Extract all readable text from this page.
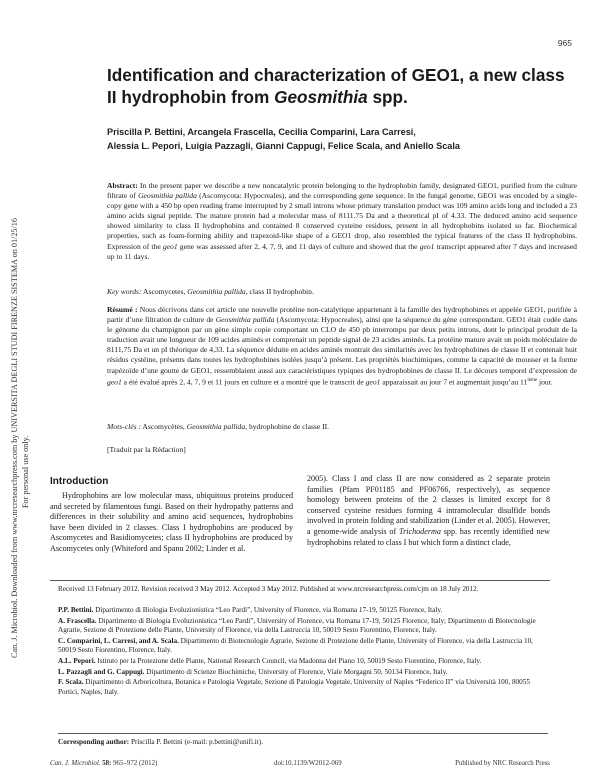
965
Can. J. Microbiol. Downloaded from www.nrcresearchpress.com by UNIVERSITA DEGLI STUDI FIRENZE SISTEMA on 01/25/16 For personal use only.
Identification and characterization of GEO1, a new class II hydrophobin from Geosmithia spp.
Priscilla P. Bettini, Arcangela Frascella, Cecilia Comparini, Lara Carresi,
Alessia L. Pepori, Luigia Pazzagli, Gianni Cappugi, Felice Scala, and Aniello Scala

Abstract: In the present paper we describe a new noncatalytic protein belonging to the hydrophobin family, designated GEO1, purified from the culture filtrate of Geosmithia pallida (Ascomycota: Hypocreales), and the corresponding gene sequence. In the fungal genome, GEO1 was encoded by a single-copy gene with a 450 bp open reading frame interrupted by 2 small introns whose primary translation product was 109 amino acids long and included a 23 amino acids signal peptide. The mature protein had a molecular mass of 8111.75 Da and a theoretical pI of 4.33. The deduced amino acid sequence showed similarity to class II hydrophobins and contained 8 conserved cysteine residues, present in all hydrophobins isolated so far. Biochemical properties, such as foam-forming ability and trapezoid-like shape of a GEO1 drop, also resembled the typical features of the class II hydrophobins. Expression of the geo1 gene was assessed after 2, 4, 7, 9, and 11 days of culture and showed that the geo1 transcript appeared after 7 days and increased up to 11 days.

Key words: Ascomycetes, Geosmithia pallida, class II hydrophobin.

Résumé : Nous décrivons dans cet article une nouvelle protéine non-catalytique appartenant à la famille des hydrophobines et appelée GEO1, purifiée à partir d’une filtration de culture de Geosmithia pallida (Ascomycota: Hypocreales), ainsi que la séquence du gène correspondant. GEO1 était codée dans le génome du champignon par un gène simple copie comportant un CLO de 450 pb interrompu par deux petits introns, dont le principal produit de la traduction avait une longueur de 109 acides aminés et comprenait un peptide signal de 23 acides aminés. La protéine mature avait un poids moléculaire de 8111,75 Da et un pI théorique de 4,33. La séquence déduite en acides aminés montrait des similarités avec les hydrophobines de classe II et contenait huit résidus cystéine, présents dans toutes les hydrophobines isolées jusqu’à présent. Les propriétés biochimiques, comme la capacité de mousser et la forme trapézoïde d’une goutte de GEO1, ressemblaient aussi aux caractéristiques typiques des hydrophobines de classe II. Le décours temporel d’expression de geo1 a été évalué après 2, 4, 7, 9 et 11 jours en culture et a montré que le transcrit de geo1 apparaissait au jour 7 et augmentait jusqu’au 11ième jour.

Mots-clés : Ascomycètes, Geosmithia pallida, hydrophobine de classe II.

[Traduit par la Rédaction]

Introduction

Hydrophobins are low molecular mass, ubiquitous proteins produced and secreted by filamentous fungi. Based on their hydropathy patterns and differences in their solubility and amino acid sequences, hydrophobins have been divided in 2 classes. Class I hydrophobins are produced by Ascomycetes and Basidiomycetes; class II hydrophobins are produced by Ascomycetes only (Whiteford and Spanu 2002; Linder et al.

2005). Class I and class II are now considered as 2 separate protein families (Pfam PF01185 and PF06766, respectively), as sequence homology between proteins of the 2 classes is limited except for 8 conserved cysteine residues forming 4 intramolecular disulfide bonds involved in protein folding and stabilization (Linder et al. 2005). However, a genome-wide analysis of Trichoderma spp. has recently identified new hydrophobins related to class I but which form a distinct clade,

Received 13 February 2012. Revision received 3 May 2012. Accepted 3 May 2012. Published at www.nrcresearchpress.com/cjm on 18 July 2012.

P.P. Bettini. Dipartimento di Biologia Evoluzionistica “Leo Pardi”, University of Florence, via Romana 17-19, 50125 Florence, Italy.

A. Frascella. Dipartimento di Biologia Evoluzionistica “Leo Pardi”, University of Florence, via Romana 17-19, 50125 Florence, Italy; Dipartimento di Biotecnologie Agrarie, Sezione di Protezione delle Piante, University of Florence, via della Lastruccia 10, 50019 Sesto Fiorentino, Florence, Italy.

C. Comparini, L. Carresi, and A. Scala. Dipartimento di Biotecnologie Agrarie, Sezione di Protezione delle Piante, University of Florence, via della Lastruccia 10, 50019 Sesto Fiorentino, Florence, Italy.

A.L. Pepori. Istituto per la Protezione delle Piante, National Research Council, via Madonna del Piano 10, 50019 Sesto Fiorentino, Florence, Italy.

L. Pazzagli and G. Cappugi. Dipartimento di Scienze Biochimiche, University of Florence, Viale Morgagni 50, 50134 Florence, Italy.

F. Scala. Dipartimento di Arboricoltura, Botanica e Patologia Vegetale, Sezione di Patologia Vegetale, University of Naples “Federico II” via Università 100, 80055 Portici, Naples, Italy.

Corresponding author: Priscilla P. Bettini (e-mail: p.bettini@unifi.it).

Can. J. Microbiol. 58: 965–972 (2012)	doi:10.1139/W2012-069	Published by NRC Research Press
